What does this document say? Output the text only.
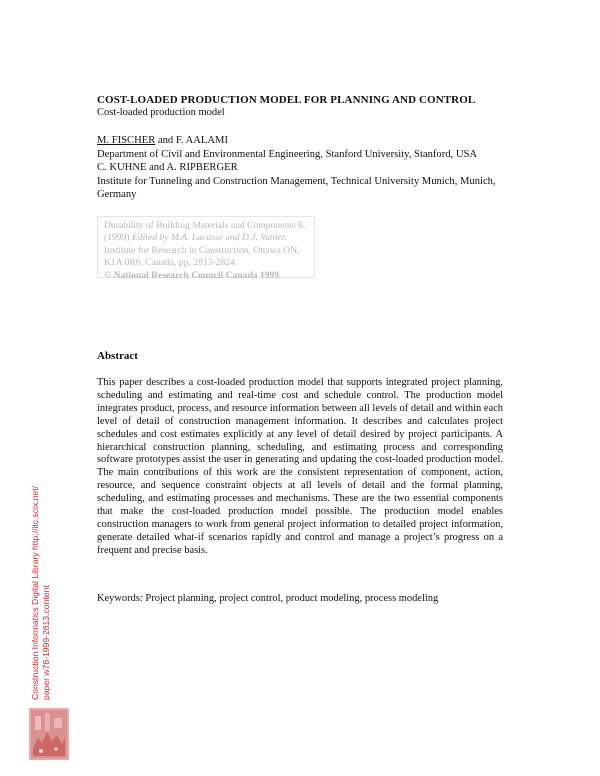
COST-LOADED PRODUCTION MODEL FOR PLANNING AND CONTROL
Cost-loaded production model
M. FISCHER and F. AALAMI
Department of Civil and Environmental Engineering, Stanford University, Stanford, USA
C. KUHNE and A. RIPBERGER
Institute for Tunneling and Construction Management, Technical University Munich, Munich, Germany
Durability of Building Materials and Components 8. (1999) Edited by M.A. Lacasse and D.J. Vanier. Institute for Research in Construction, Ottawa ON, K1A 0R6, Canada, pp. 2813-2824.
© National Research Council Canada 1999
Abstract
This paper describes a cost-loaded production model that supports integrated project planning, scheduling and estimating and real-time cost and schedule control. The production model integrates product, process, and resource information between all levels of detail and within each level of detail of construction management information. It describes and calculates project schedules and cost estimates explicitly at any level of detail desired by project participants. A hierarchical construction planning, scheduling, and estimating process and corresponding software prototypes assist the user in generating and updating the cost-loaded production model. The main contributions of this work are the consistent representation of component, action, resource, and sequence constraint objects at all levels of detail and the formal planning, scheduling, and estimating processes and mechanisms. These are the two essential components that make the cost-loaded production model possible. The production model enables construction managers to work from general project information to detailed project information, generate detailed what-if scenarios rapidly and control and manage a project’s progress on a frequent and precise basis.
Keywords: Project planning, project control, product modeling, process modeling
Construction Informatics Digital Library http://itc.scix.net/ paper w78-1999-2813.content
